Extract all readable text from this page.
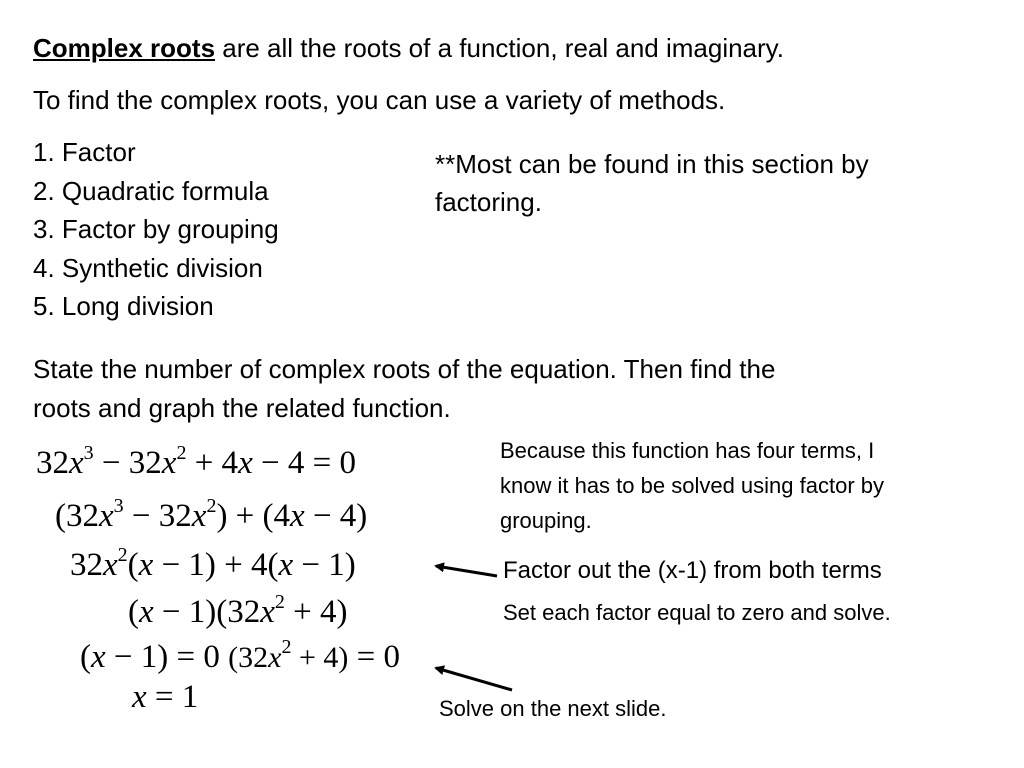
Complex roots are all the roots of a function, real and imaginary.
To find the complex roots, you can use a variety of methods.
1. Factor
2. Quadratic formula
3. Factor by grouping
4. Synthetic division
5. Long division
**Most can be found in this section by
factoring.
State the number of complex roots of the equation. Then find the
roots and graph the related function.
$32x^3 - 32x^2 + 4x - 4 = 0$
$(32x^3 - 32x^2) + (4x - 4)$
$32x^2(x - 1) + 4(x - 1)$
$(x - 1)(32x^2 + 4)$
(x − 1) = 0 $(32x^2 + 4) = 0$
x = 1
Because this function has four terms, I
know it has to be solved using factor by
grouping.
Factor out the (x-1) from both terms
Set each factor equal to zero and solve.
Solve on the next slide.
